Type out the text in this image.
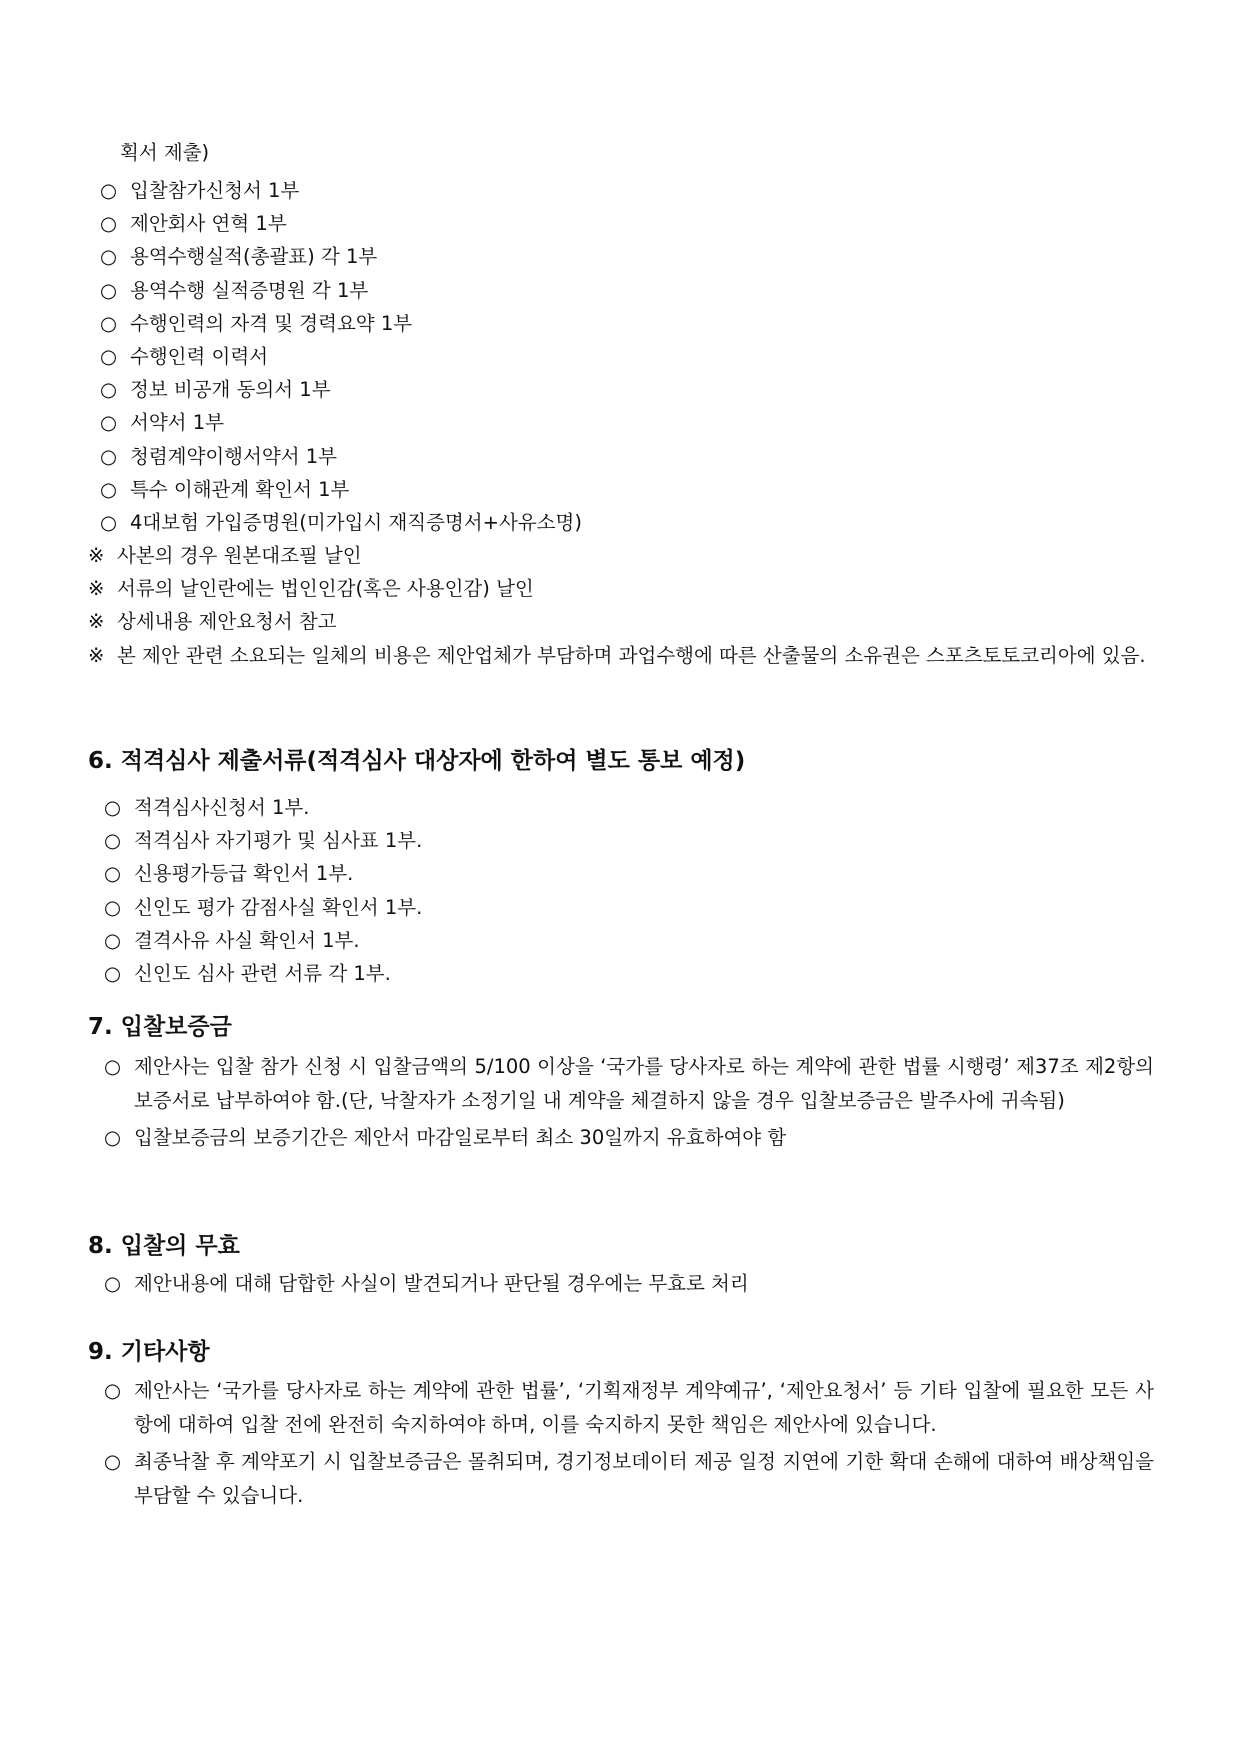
획서 제출)
○ 입찰참가신청서 1부
○ 제안회사 연혁 1부
○ 용역수행실적(총괄표) 각 1부
○ 용역수행 실적증명원 각 1부
○ 수행인력의 자격 및 경력요약 1부
○ 수행인력 이력서
○ 정보 비공개 동의서 1부
○ 서약서 1부
○ 청렴계약이행서약서 1부
○ 특수 이해관계 확인서 1부
○ 4대보험 가입증명원(미가입시 재직증명서+사유소명)
※ 사본의 경우 원본대조필 날인
※ 서류의 날인란에는 법인인감(혹은 사용인감) 날인
※ 상세내용 제안요청서 참고
※ 본 제안 관련 소요되는 일체의 비용은 제안업체가 부담하며 과업수행에 따른 산출물의 소유권은 스포츠토토코리아에 있음.
6. 적격심사 제출서류(적격심사 대상자에 한하여 별도 통보 예정)
○ 적격심사신청서 1부.
○ 적격심사 자기평가 및 심사표 1부.
○ 신용평가등급 확인서 1부.
○ 신인도 평가 감점사실 확인서 1부.
○ 결격사유 사실 확인서 1부.
○ 신인도 심사 관련 서류 각 1부.
7. 입찰보증금
○ 제안사는 입찰 참가 신청 시 입찰금액의 5/100 이상을 ‘국가를 당사자로 하는 계약에 관한 법률 시행령’ 제37조 제2항의 보증서로 납부하여야 함.(단, 낙찰자가 소정기일 내 계약을 체결하지 않을 경우 입찰보증금은 발주사에 귀속됨)
○ 입찰보증금의 보증기간은 제안서 마감일로부터 최소 30일까지 유효하여야 함
8. 입찰의 무효
○ 제안내용에 대해 담합한 사실이 발견되거나 판단될 경우에는 무효로 처리
9. 기타사항
○ 제안사는 ‘국가를 당사자로 하는 계약에 관한 법률’, ‘기획재정부 계약예규’, ‘제안요청서’ 등 기타 입찰에 필요한 모든 사항에 대하여 입찰 전에 완전히 숙지하여야 하며, 이를 숙지하지 못한 책임은 제안사에 있습니다.
○ 최종낙찰 후 계약포기 시 입찰보증금은 몰취되며, 경기정보데이터 제공 일정 지연에 기한 확대 손해에 대하여 배상책임을 부담할 수 있습니다.
